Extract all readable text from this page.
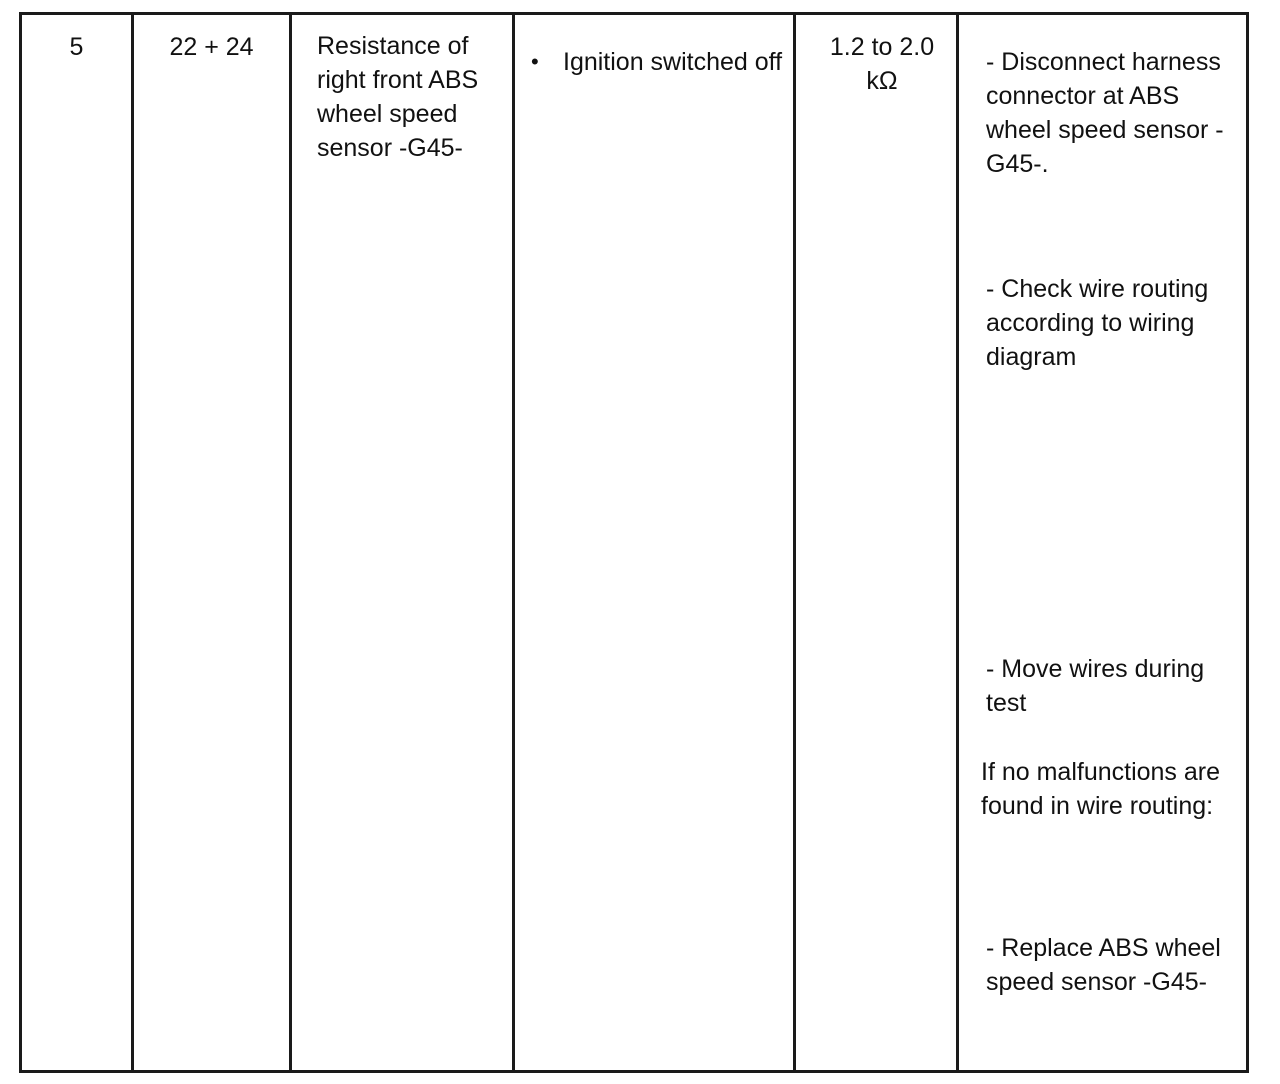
5	22 + 24	Resistance of right front ABS wheel speed sensor -G45-
• Ignition switched off
1.2 to 2.0 kΩ
- Disconnect harness connector at ABS wheel speed sensor -G45-.
- Check wire routing according to wiring diagram
- Move wires during test
If no malfunctions are found in wire routing:
- Replace ABS wheel speed sensor -G45-
